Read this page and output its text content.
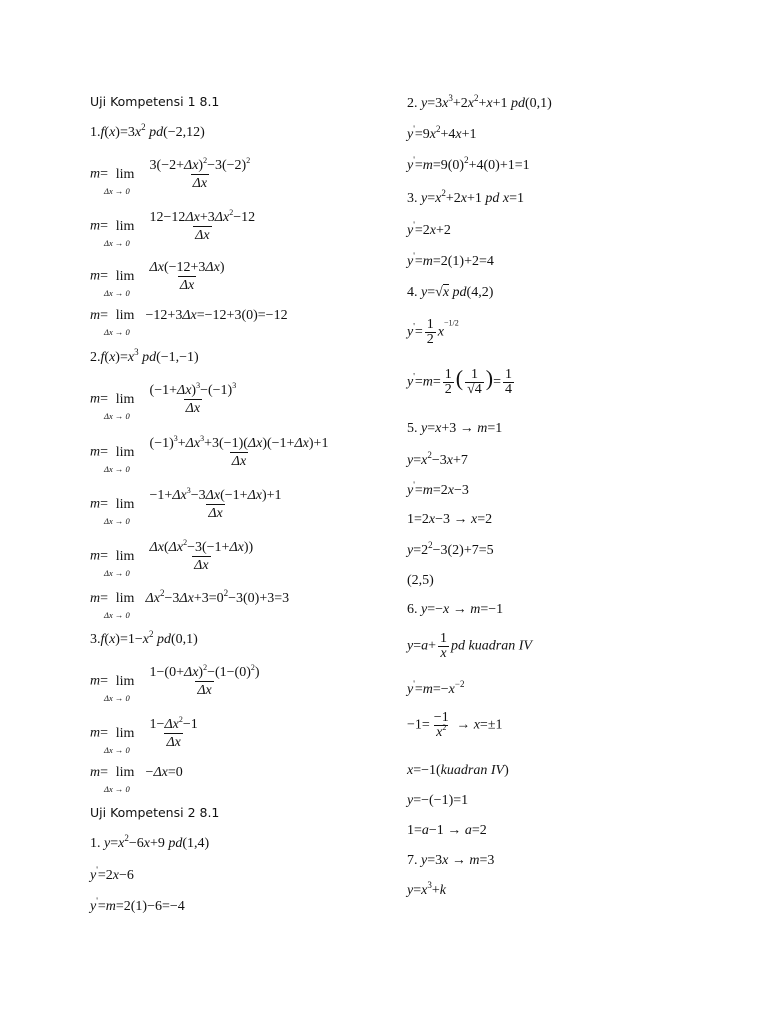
Uji Kompetensi 1 8.1
$1.f(x)=3x^2$ pd(−2,12)
m= lim
Δx → 0
$\frac{3(-2+\Delta x)^2-3(-2)^2}{\Delta x}$
m= lim
Δx → 0
$\frac{12-12\Delta x+3\Delta x^2-12}{\Delta x}$
m= lim
Δx → 0
$\frac{\Delta x(-12+3\Delta x)}{\Delta x}$
m= lim
Δx → 0
−12+3Δx=−12+3(0)=−12
$2.f(x)=x^3$ pd(−1,−1)
m= lim
Δx → 0
$\frac{(-1+\Delta x)^3-(-1)^3}{\Delta x}$
m= lim
Δx → 0
$\frac{(-1)^3+\Delta x^3+3(-1)(\Delta x)(-1+\Delta x)+1}{\Delta x}$
m= lim
Δx → 0
$\frac{-1+\Delta x^3-3\Delta x(-1+\Delta x)+1}{\Delta x}$
m= lim
Δx → 0
$\frac{\Delta x(\Delta x^2-3(-1+\Delta x))}{\Delta x}$
m= lim
Δx → 0
$\Delta x^2-3\Delta x+3=0^2-3(0)+3=3$
$3.f(x)=1-x^2$ pd(0,1)
m= lim
Δx → 0
$\frac{1-(0+\Delta x)^2-(1-(0)^2)}{\Delta x}$
m= lim
Δx → 0
$\frac{1-\Delta x^2-1}{\Delta x}$
m= lim
Δx → 0
−Δx=0
Uji Kompetensi 2 8.1
1. $y=x^2-6x+9$ pd(1,4)
y'=2x−6
y'=m=2(1)−6=−4
2. $y=3x^3+2x^2+x+1$ pd(0,1)
$y'=9x^2+4x+1$
$y'=m=9(0)^2+4(0)+1=1$
3. $y=x^2+2x+1$ pd x=1
y'=2x+2
y'=m=2(1)+2=4
4. y=√x pd(4,2)
$y'= \frac{1}{2} x^{-1/2}$
$y'=m= \frac{1}{2}$ ( $\frac{1}{√4}$ )= $\frac{1}{4}$
5. y=x+3 → m=1
$y=x^2-3x+7$
y'=m=2x−3
1=2x−3 → x=2
$y=2^2-3(2)+7=5$
(2,5)
6. y=−x → m=−1
$y=a+ \frac{1}{x}$ pd kuadran IV
$y'=m=-x^{-2}$
$-1= \frac{-1}{x^2} \to x=\pm 1$
x=−1(kuadran IV)
y=−(−1)=1
1=a−1 → a=2
7. y=3x → m=3
$y=x^3+k$
